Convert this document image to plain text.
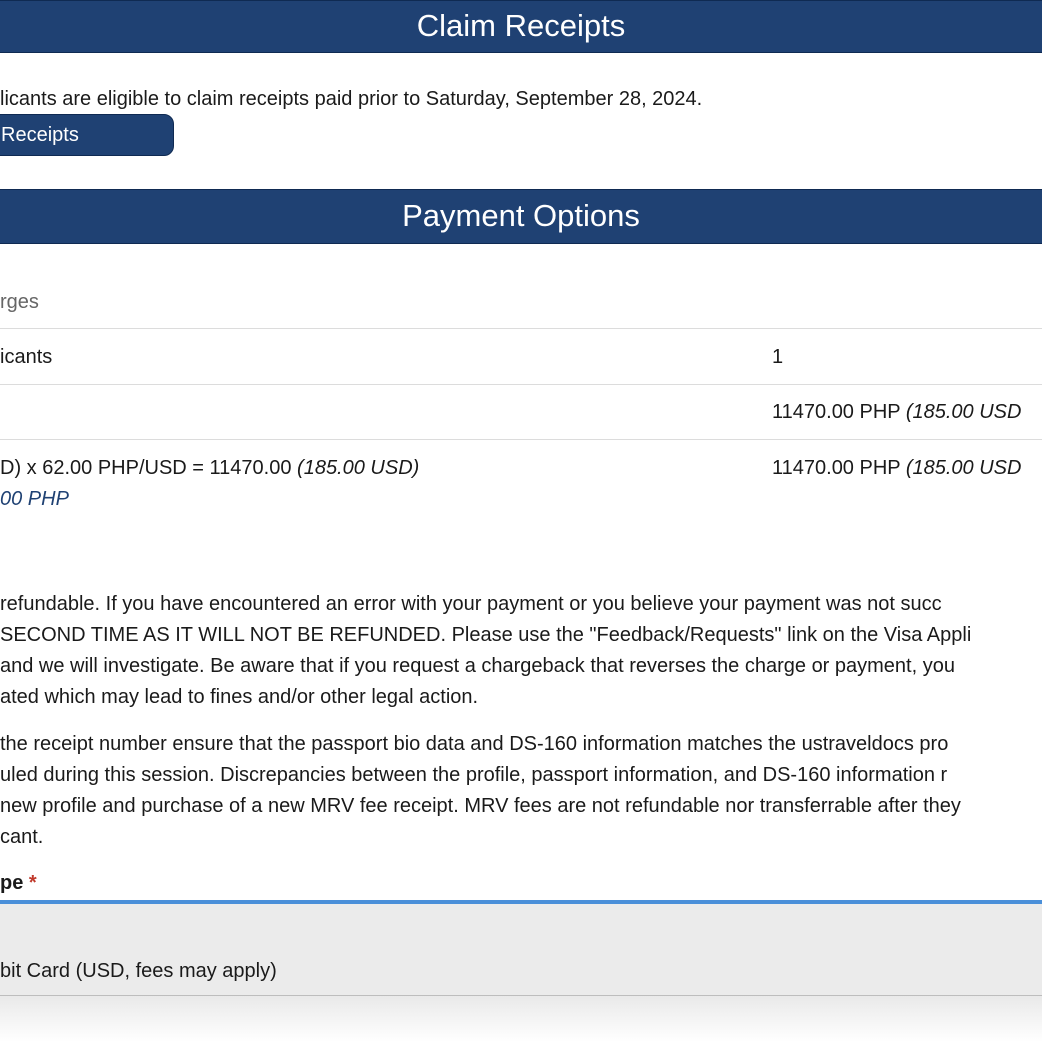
Claim Receipts
licants are eligible to claim receipts paid prior to Saturday, September 28, 2024.
Receipts
Payment Options
rges
icants	1
11470.00 PHP (185.00 USD
D) x 62.00 PHP/USD = 11470.00 (185.00 USD)
00 PHP
11470.00 PHP (185.00 USD
refundable. If you have encountered an error with your payment or you believe your payment was not succ
SECOND TIME AS IT WILL NOT BE REFUNDED. Please use the "Feedback/Requests" link on the Visa Appli
and we will investigate. Be aware that if you request a chargeback that reverses the charge or payment, you
ated which may lead to fines and/or other legal action.
the receipt number ensure that the passport bio data and DS-160 information matches the ustraveldocs pro
uled during this session. Discrepancies between the profile, passport information, and DS-160 information r
new profile and purchase of a new MRV fee receipt. MRV fees are not refundable nor transferrable after they
cant.
pe *
bit Card (USD, fees may apply)
